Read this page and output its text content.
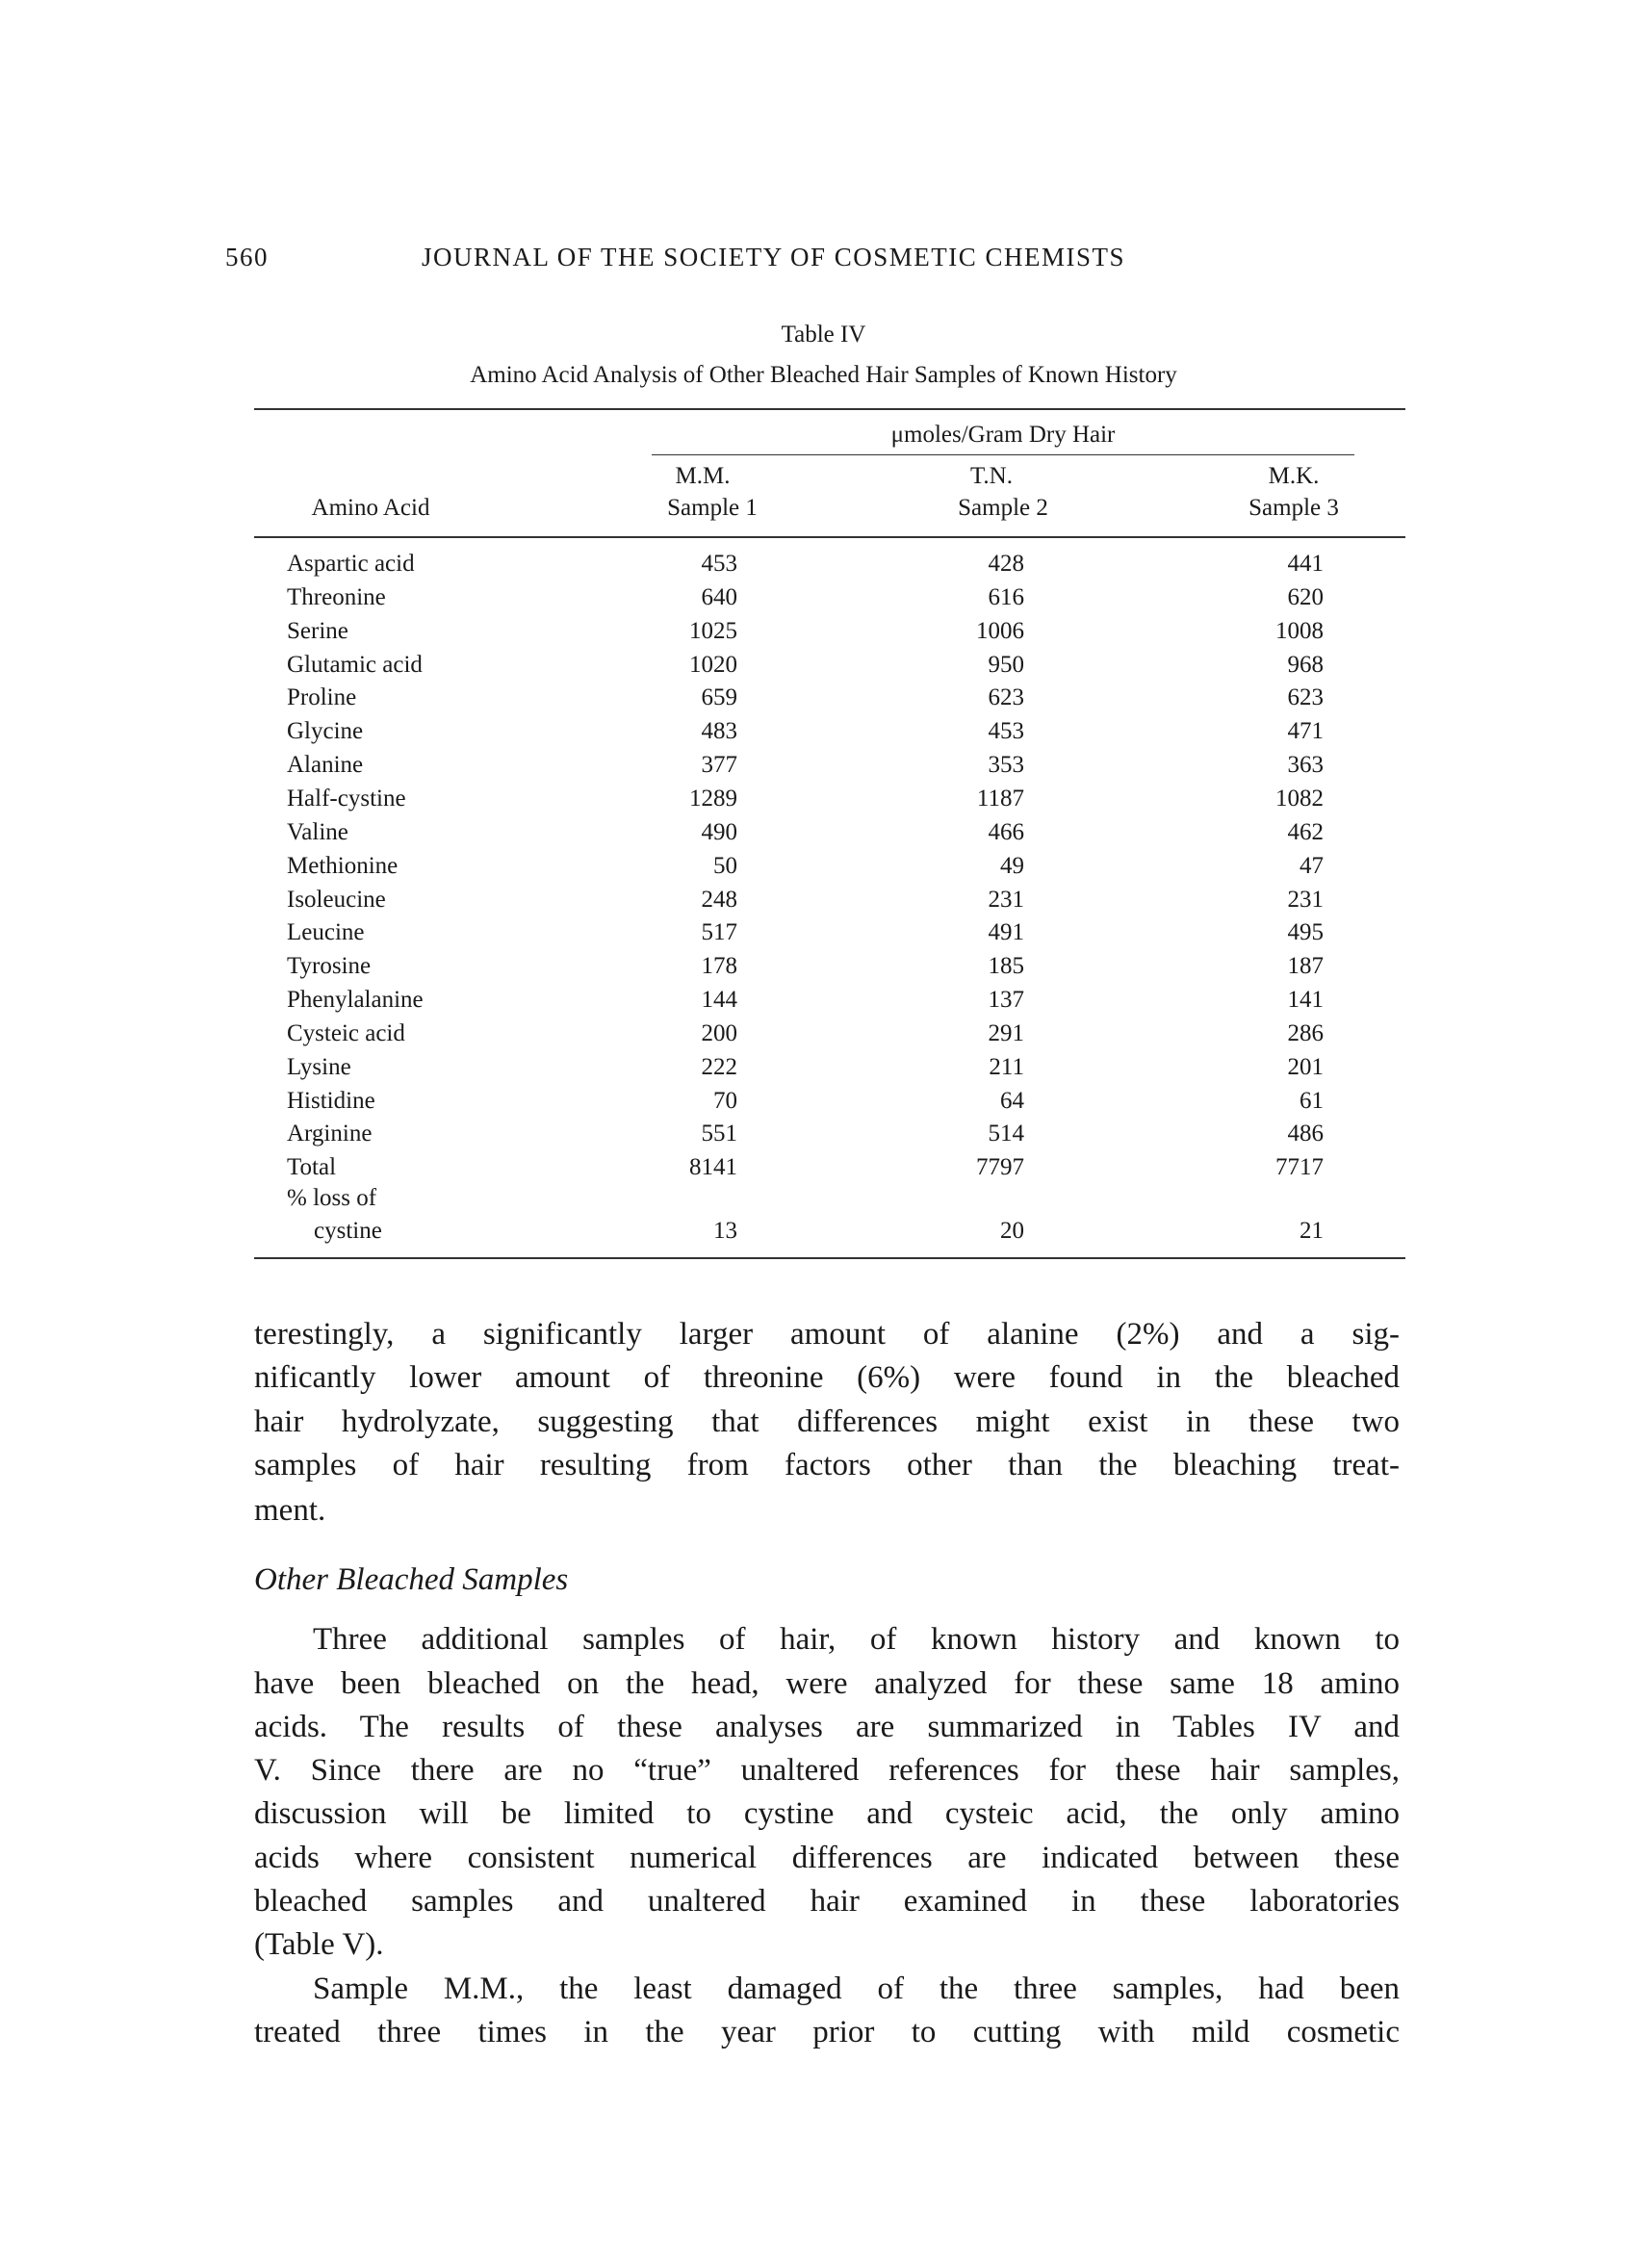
560	JOURNAL OF THE SOCIETY OF COSMETIC CHEMISTS
Table IV
Amino Acid Analysis of Other Bleached Hair Samples of Known History
μmoles/Gram Dry Hair
M.M.	T.N.	M.K.
Amino Acid	Sample 1	Sample 2	Sample 3
Aspartic acid	453	428	441
Threonine	640	616	620
Serine	1025	1006	1008
Glutamic acid	1020	950	968
Proline	659	623	623
Glycine	483	453	471
Alanine	377	353	363
Half-cystine	1289	1187	1082
Valine	490	466	462
Methionine	50	49	47
Isoleucine	248	231	231
Leucine	517	491	495
Tyrosine	178	185	187
Phenylalanine	144	137	141
Cysteic acid	200	291	286
Lysine	222	211	201
Histidine	70	64	61
Arginine	551	514	486
Total	8141	7797	7717
% loss of
cystine	13	20	21
terestingly, a significantly larger amount of alanine (2%) and a sig-
nificantly lower amount of threonine (6%) were found in the bleached
hair hydrolyzate, suggesting that differences might exist in these two
samples of hair resulting from factors other than the bleaching treat-
ment.
Other Bleached Samples
Three additional samples of hair, of known history and known to
have been bleached on the head, were analyzed for these same 18 amino
acids. The results of these analyses are summarized in Tables IV and
V. Since there are no “true” unaltered references for these hair samples,
discussion will be limited to cystine and cysteic acid, the only amino
acids where consistent numerical differences are indicated between these
bleached samples and unaltered hair examined in these laboratories
(Table V).
Sample M.M., the least damaged of the three samples, had been
treated three times in the year prior to cutting with mild cosmetic
